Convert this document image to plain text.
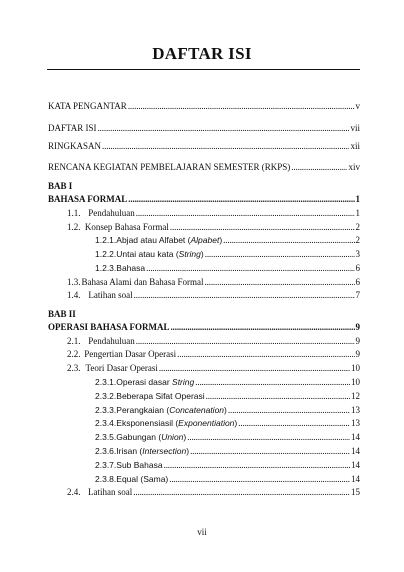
DAFTAR ISI
KATA PENGANTAR . . .	v
DAFTAR ISI . . .	vii
RINGKASAN . . .	xii
RENCANA KEGIATAN PEMBELAJARAN SEMESTER (RKPS) . . .	xiv
BAB I
BAHASA FORMAL . . .	1
1.1. Pendahuluan . . .	1
1.2. Konsep Bahasa Formal . . .	2
1.2.1. Abjad atau Alfabet (Alpabet) . . .	2
1.2.2. Untai atau kata (String) . . .	3
1.2.3. Bahasa . . .	6
1.3. Bahasa Alami dan Bahasa Formal . . .	6
1.4. Latihan soal . . .	7
BAB II
OPERASI BAHASA FORMAL . . .	9
2.1. Pendahuluan . . .	9
2.2. Pengertian Dasar Operasi . . .	9
2.3. Teori Dasar Operasi . . .	10
2.3.1. Operasi dasar String . . .	10
2.3.2. Beberapa Sifat Operasi . . .	12
2.3.3. Perangkaian (Concatenation) . . .	13
2.3.4. Eksponensiasil (Exponentiation) . . .	13
2.3.5. Gabungan (Union) . . .	14
2.3.6. Irisan (Intersection) . . .	14
2.3.7. Sub Bahasa . . .	14
2.3.8. Equal (Sama) . . .	14
2.4. Latihan soal . . .	15
vii
